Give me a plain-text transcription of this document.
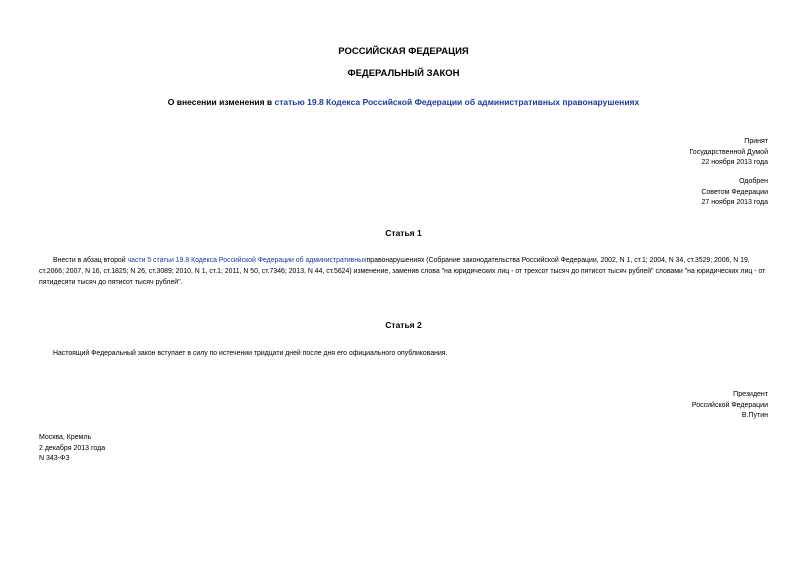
РОССИЙСКАЯ ФЕДЕРАЦИЯ
ФЕДЕРАЛЬНЫЙ ЗАКОН
О внесении изменения в статью 19.8 Кодекса Российской Федерации об административных правонарушениях
Принят
Государственной Думой
22 ноября 2013 года
Одобрен
Советом Федерации
27 ноября 2013 года
Статья 1
Внести в абзац второй части 5 статьи 19.8 Кодекса Российской Федерации об административныхправонарушениях (Собрание законодательства Российской Федерации, 2002, N 1, ст.1; 2004, N 34, ст.3529; 2006, N 19, ст.2066; 2007, N 16, ст.1825; N 26, ст.3089; 2010, N 1, ст.1; 2011, N 50, ст.7346; 2013, N 44, ст.5624) изменение, заменив слова "на юридических лиц - от трехсот тысяч до пятисот тысяч рублей" словами "на юридических лиц - от пятидесяти тысяч до пятисот тысяч рублей".
Статья 2
Настоящий Федеральный закон вступает в силу по истечении тридцати дней после дня его официального опубликования.
Президент
Российской Федерации
В.Путин
Москва, Кремль
2 декабря 2013 года
N 343-ФЗ
